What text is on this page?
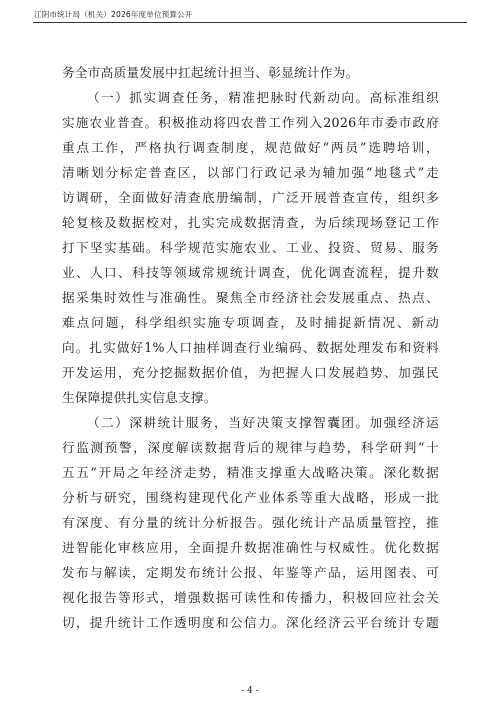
江阴市统计局（机关）2026年度单位预算公开
务全市高质量发展中扛起统计担当、彰显统计作为。
（一）抓实调查任务，精准把脉时代新动向。高标准组织
实施农业普查。积极推动将四农普工作列入2026年市委市政府
重点工作，严格执行调查制度，规范做好“两员”选聘培训，
清晰划分标定普查区，以部门行政记录为辅加强“地毯式”走
访调研，全面做好清查底册编制，广泛开展普查宣传，组织多
轮复核及数据校对，扎实完成数据清查，为后续现场登记工作
打下坚实基础。科学规范实施农业、工业、投资、贸易、服务
业、人口、科技等领域常规统计调查，优化调查流程，提升数
据采集时效性与准确性。聚焦全市经济社会发展重点、热点、
难点问题，科学组织实施专项调查，及时捕捉新情况、新动
向。扎实做好1%人口抽样调查行业编码、数据处理发布和资料
开发运用，充分挖掘数据价值，为把握人口发展趋势、加强民
生保障提供扎实信息支撑。
（二）深耕统计服务，当好决策支撑智囊团。加强经济运
行监测预警，深度解读数据背后的规律与趋势，科学研判“十
五五”开局之年经济走势，精准支撑重大战略决策。深化数据
分析与研究，围绕构建现代化产业体系等重大战略，形成一批
有深度、有分量的统计分析报告。强化统计产品质量管控，推
进智能化审核应用，全面提升数据准确性与权威性。优化数据
发布与解读，定期发布统计公报、年鉴等产品，运用图表、可
视化报告等形式，增强数据可读性和传播力，积极回应社会关
切，提升统计工作透明度和公信力。深化经济云平台统计专题
- 4 -
